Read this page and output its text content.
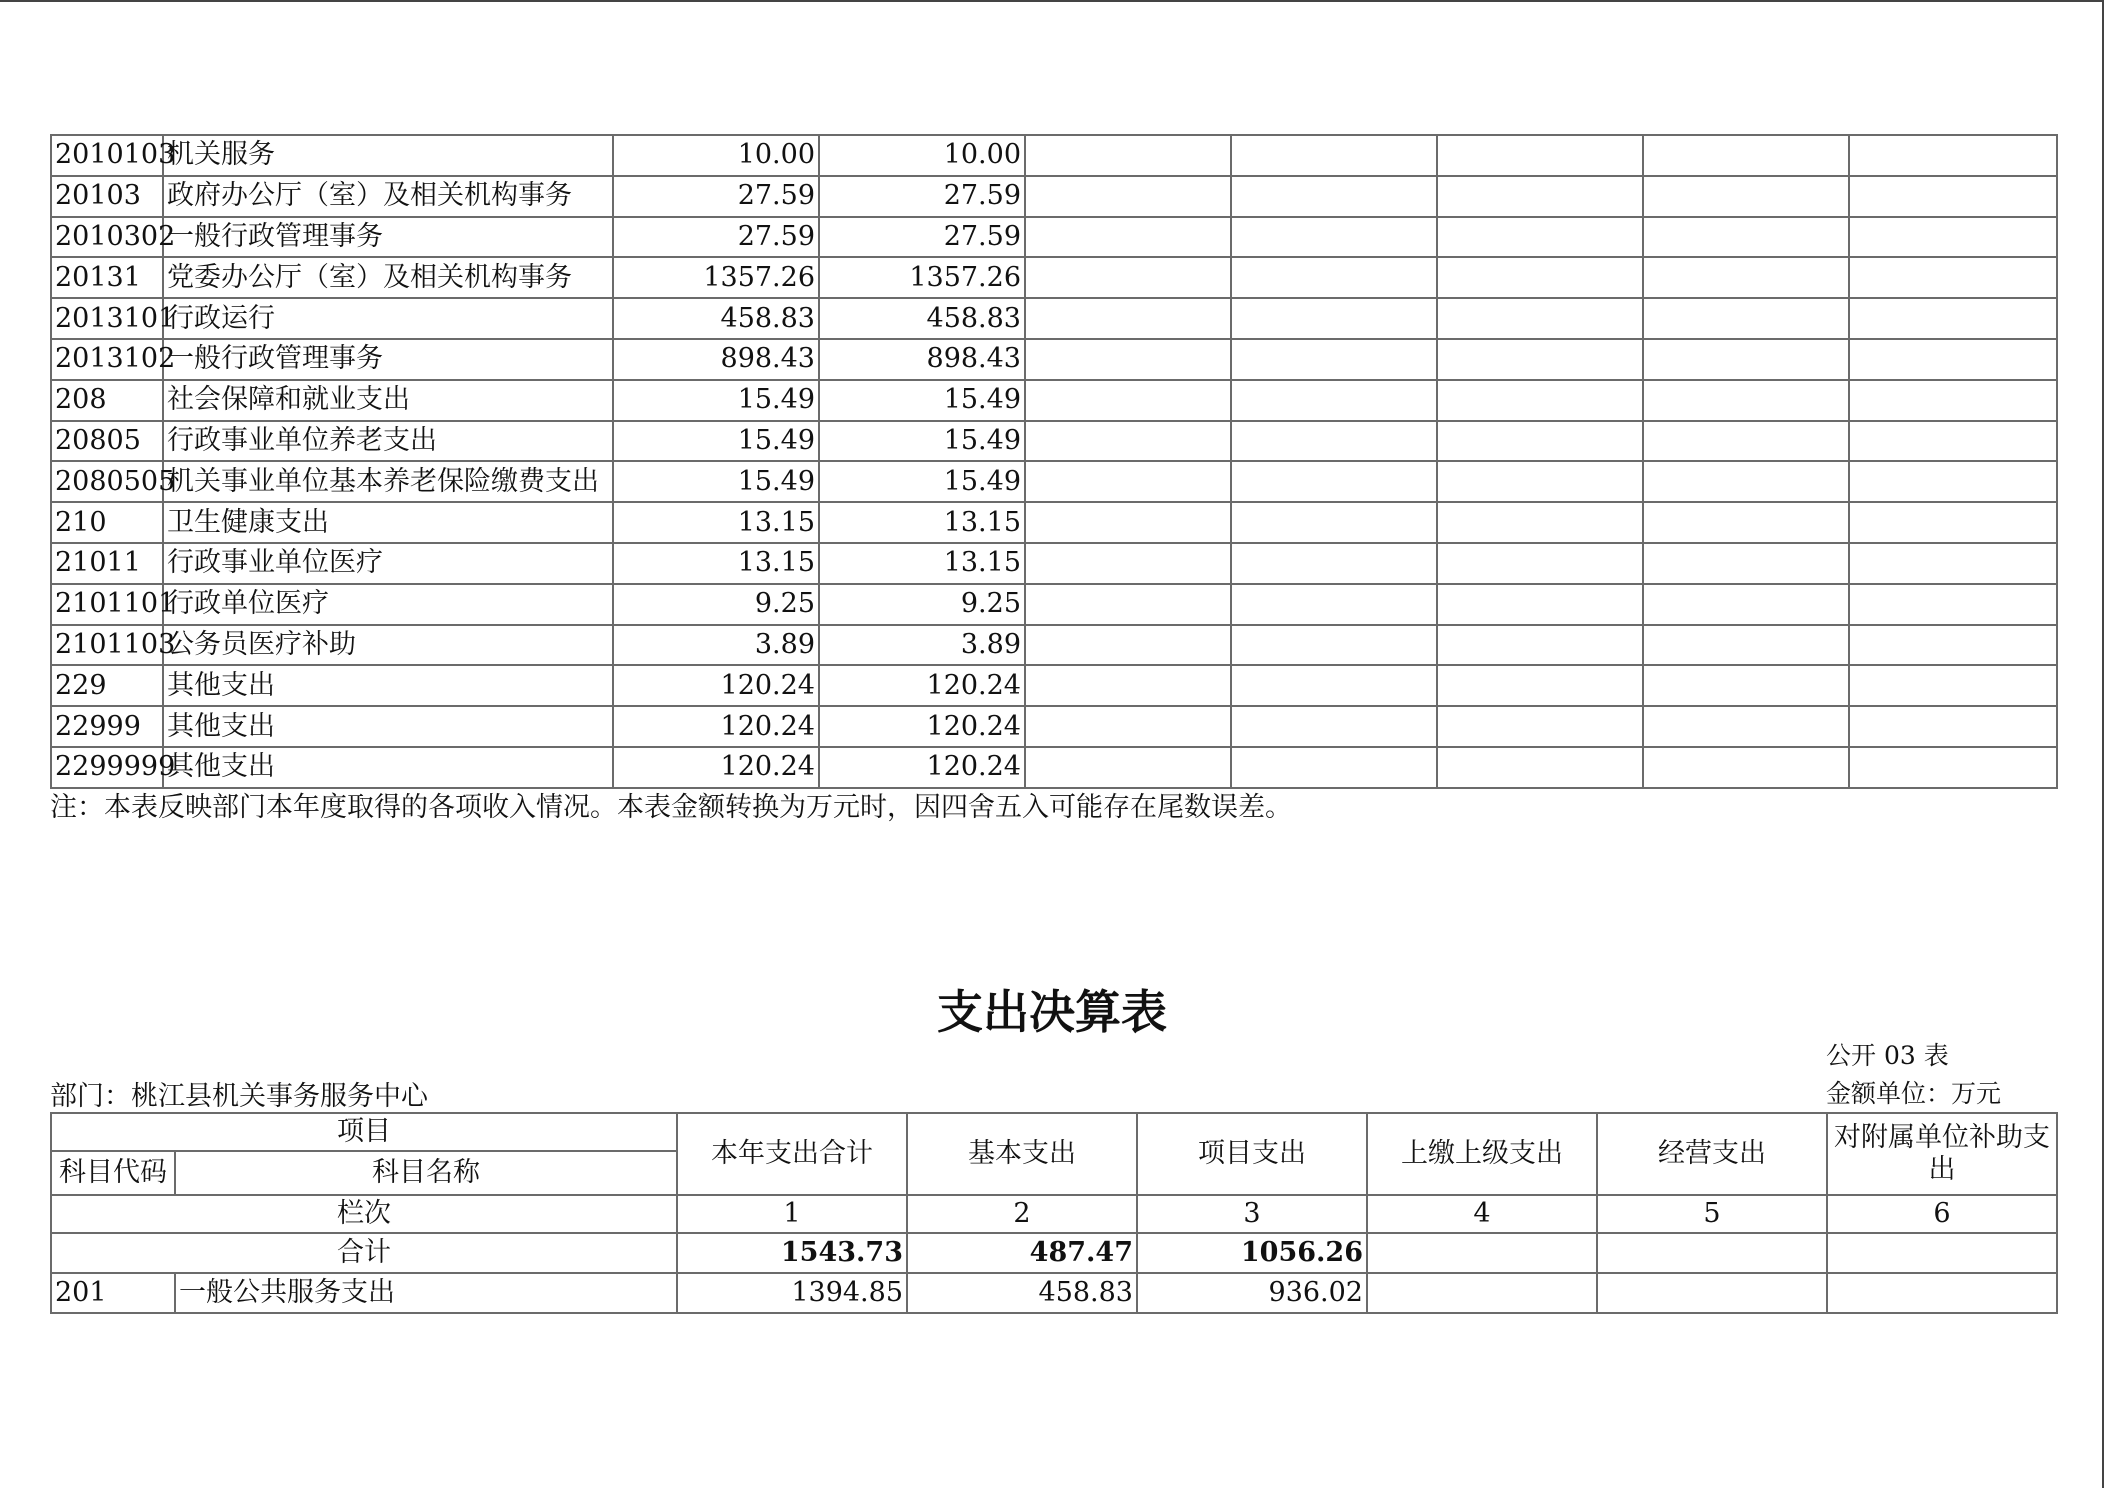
2010103	机关服务	10.00	10.00					
20103	政府办公厅（室）及相关机构事务	27.59	27.59					
2010302	一般行政管理事务	27.59	27.59					
20131	党委办公厅（室）及相关机构事务	1357.26	1357.26					
2013101	行政运行	458.83	458.83					
2013102	一般行政管理事务	898.43	898.43					
208	社会保障和就业支出	15.49	15.49					
20805	行政事业单位养老支出	15.49	15.49					
2080505	机关事业单位基本养老保险缴费支出	15.49	15.49					
210	卫生健康支出	13.15	13.15					
21011	行政事业单位医疗	13.15	13.15					
2101101	行政单位医疗	9.25	9.25					
2101103	公务员医疗补助	3.89	3.89					
229	其他支出	120.24	120.24					
22999	其他支出	120.24	120.24					
2299999	其他支出	120.24	120.24					
注：本表反映部门本年度取得的各项收入情况。本表金额转换为万元时，因四舍五入可能存在尾数误差。
支出决算表
公开 03 表
部门：桃江县机关事务服务中心	金额单位：万元
项目		本年支出合计	基本支出	项目支出	上缴上级支出	经营支出	对附属单位补助支出
科目代码	科目名称						
栏次		1	2	3	4	5	6
合计		1543.73	487.47	1056.26			
201	一般公共服务支出	1394.85	458.83	936.02			
